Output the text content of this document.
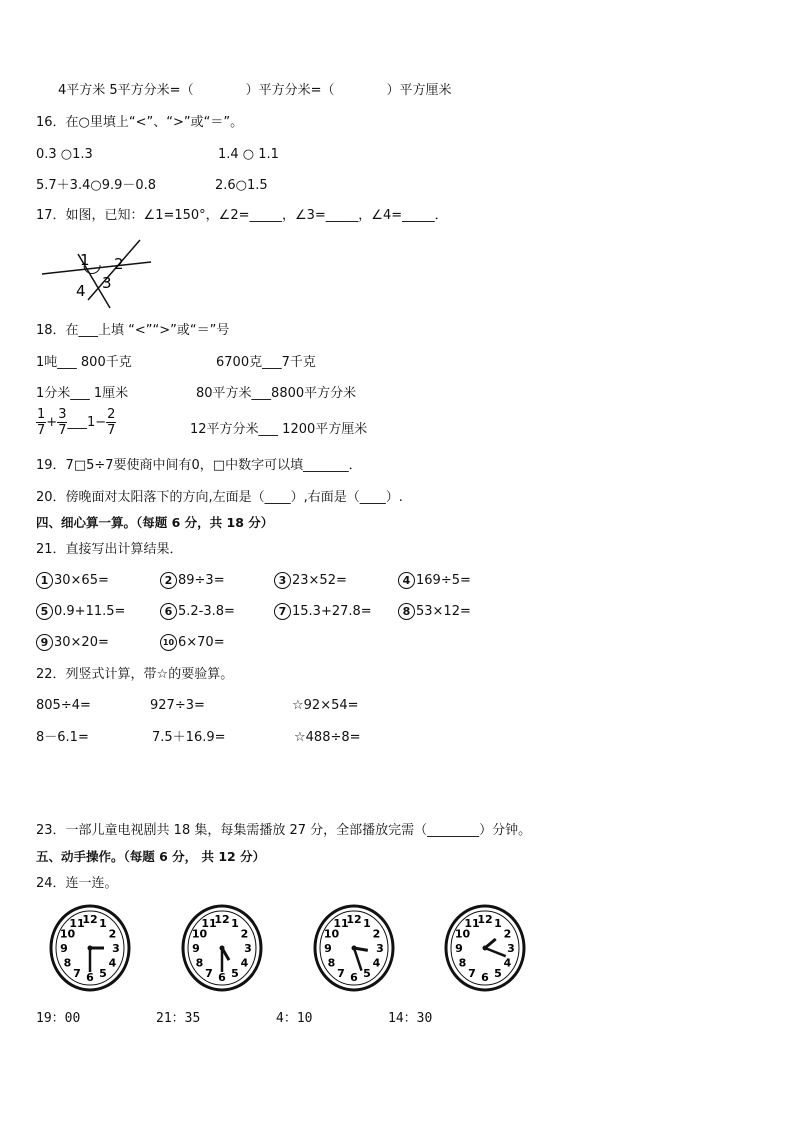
4平方米 5平方分米=（　　　　）平方分米=（　　　　）平方厘米
16．在○里填上“<”、“>”或“＝”。
0.3 ○1.3	1.4 ○ 1.1
5.7＋3.4○9.9－0.8	2.6○1.5
17．如图，已知：∠1=150°，∠2=_____，∠3=_____，∠4=_____．
1 2
3
4
18．在___上填 “<”“>”或“＝”号
1吨___ 800千克	6700克___7千克
1分米___ 1厘米	80平方米___8800平方分米
$\frac{1}{7} + \frac{3}{7}$ ___1− $\frac{2}{7}$	12平方分米___ 1200平方厘米
19．7□5÷7要使商中间有0，□中数字可以填_______．
20．傍晚面对太阳落下的方向,左面是（____）,右面是（____）.
四、细心算一算。（每题 6 分，共 18 分）
21．直接写出计算结果．
1 30×65=	2 89÷3=	3 23×52=	4 169÷5=
5 0.9+11.5=	6 5.2-3.8=	7 15.3+27.8=	8 53×12=
9 30×20=	10 6×70=
22．列竖式计算，带☆的要验算。
805÷4=	927÷3=	☆92×54=
8－6.1=	7.5＋16.9=	☆488÷8=
23．一部儿童电视剧共 18 集，每集需播放 27 分，全部播放完需（________）分钟。
五、动手操作。（每题 6 分， 共 12 分）
24．连一连。
1
2
3
4
5
6
7
8
9
10
11
12	1
2
3
4
5
6
7
8
9
10
11
12	1
2
3
4
5
6
7
8
9
10
11
12	1
2
3
4
5
6
7
8
9
10
11
12
19：00	21：35	4：10	14：30
